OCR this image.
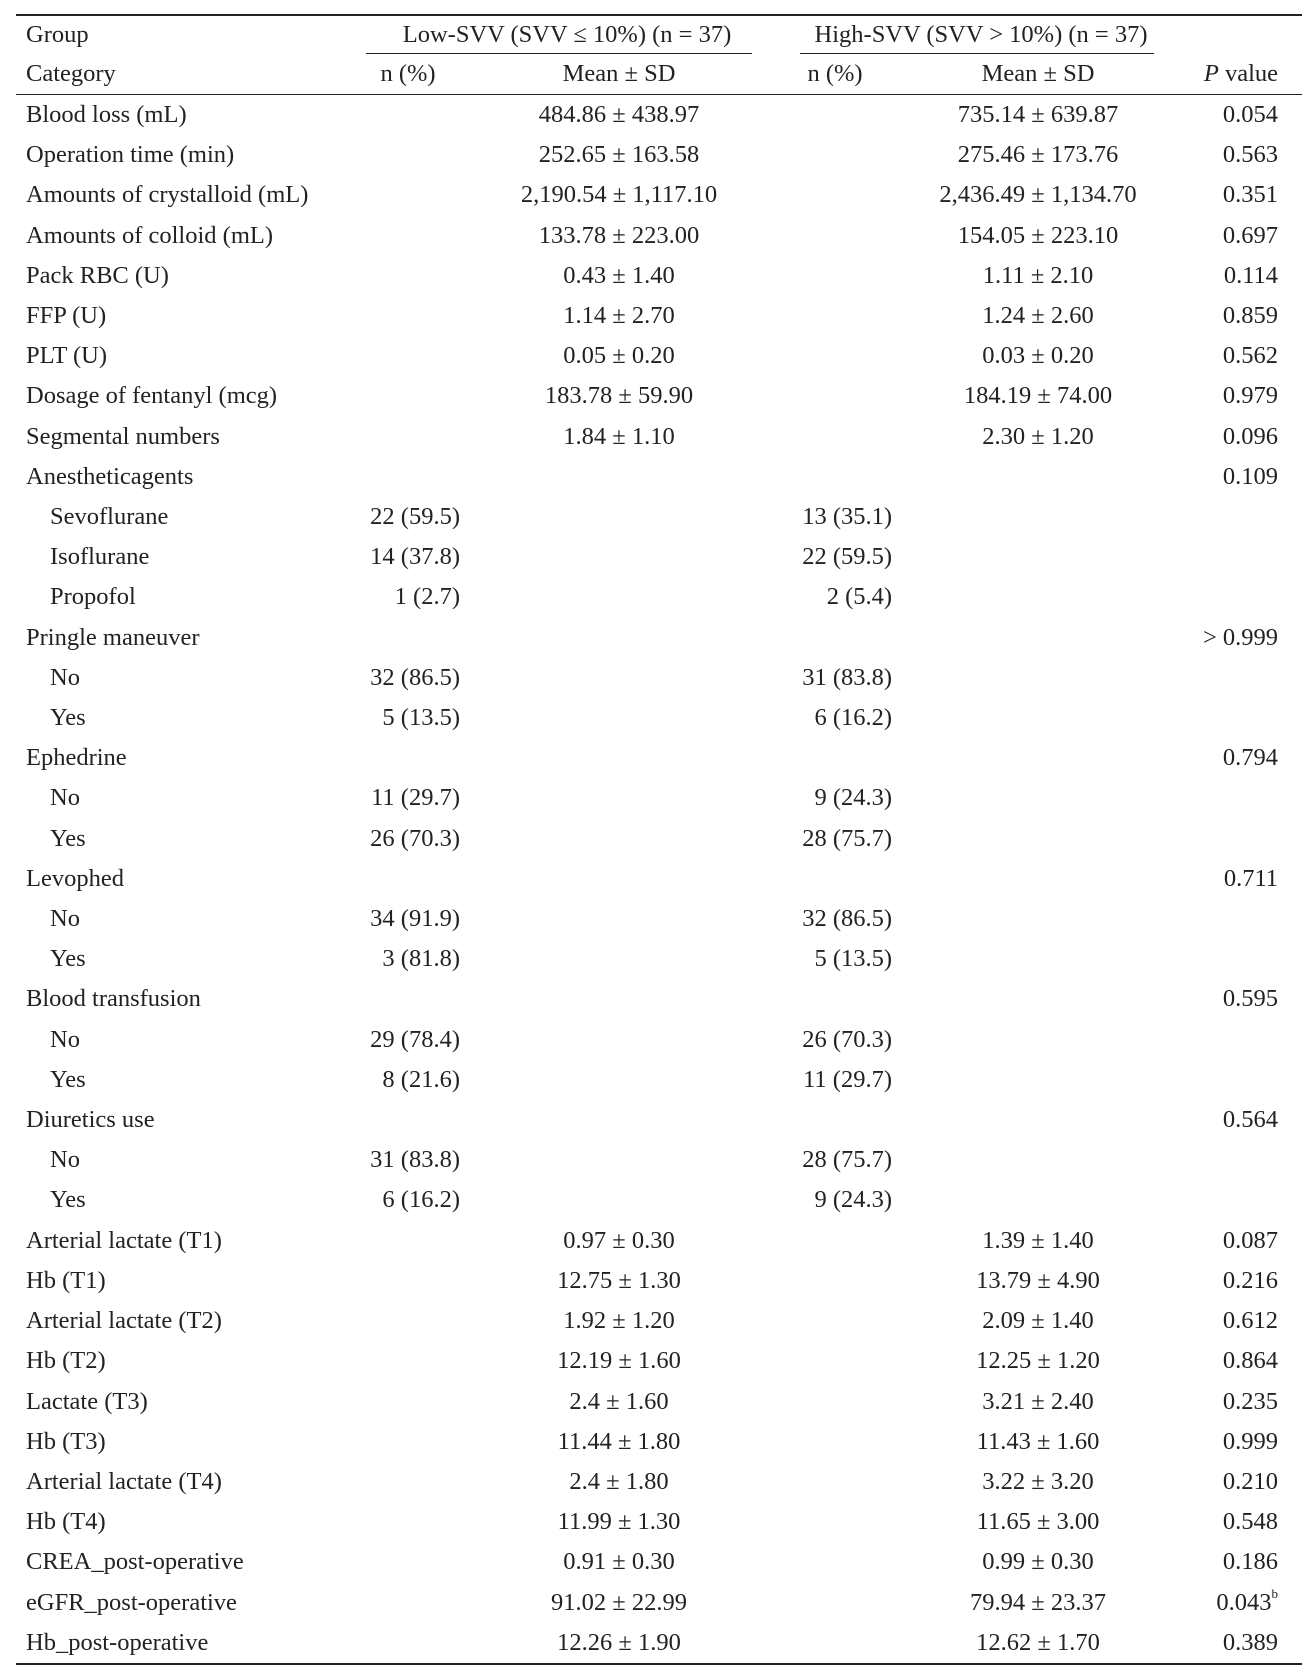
Group	Low-SVV (SVV ≤ 10%) (n = 37)		High-SVV (SVV > 10%) (n = 37)		
Category	n (%)	Mean ± SD	n (%)	Mean ± SD	P value
Blood loss (mL)		484.86 ± 438.97		735.14 ± 639.87	0.054
Operation time (min)		252.65 ± 163.58		275.46 ± 173.76	0.563
Amounts of crystalloid (mL)		2,190.54 ± 1,117.10		2,436.49 ± 1,134.70	0.351
Amounts of colloid (mL)		133.78 ± 223.00		154.05 ± 223.10	0.697
Pack RBC (U)		0.43 ± 1.40		1.11 ± 2.10	0.114
FFP (U)		1.14 ± 2.70		1.24 ± 2.60	0.859
PLT (U)		0.05 ± 0.20		0.03 ± 0.20	0.562
Dosage of fentanyl (mcg)		183.78 ± 59.90		184.19 ± 74.00	0.979
Segmental numbers		1.84 ± 1.10		2.30 ± 1.20	0.096
Anestheticagents					0.109
Sevoflurane	22 (59.5)		13 (35.1)		
Isoflurane	14 (37.8)		22 (59.5)		
Propofol	1 (2.7)		2 (5.4)		
Pringle maneuver					> 0.999
No	32 (86.5)		31 (83.8)		
Yes	5 (13.5)		6 (16.2)		
Ephedrine					0.794
No	11 (29.7)		9 (24.3)		
Yes	26 (70.3)		28 (75.7)		
Levophed					0.711
No	34 (91.9)		32 (86.5)		
Yes	3 (81.8)		5 (13.5)		
Blood transfusion					0.595
No	29 (78.4)		26 (70.3)		
Yes	8 (21.6)		11 (29.7)		
Diuretics use					0.564
No	31 (83.8)		28 (75.7)		
Yes	6 (16.2)		9 (24.3)		
Arterial lactate (T1)		0.97 ± 0.30		1.39 ± 1.40	0.087
Hb (T1)		12.75 ± 1.30		13.79 ± 4.90	0.216
Arterial lactate (T2)		1.92 ± 1.20		2.09 ± 1.40	0.612
Hb (T2)		12.19 ± 1.60		12.25 ± 1.20	0.864
Lactate (T3)		2.4 ± 1.60		3.21 ± 2.40	0.235
Hb (T3)		11.44 ± 1.80		11.43 ± 1.60	0.999
Arterial lactate (T4)		2.4 ± 1.80		3.22 ± 3.20	0.210
Hb (T4)		11.99 ± 1.30		11.65 ± 3.00	0.548
CREA_post-operative		0.91 ± 0.30		0.99 ± 0.30	0.186
eGFR_post-operative		91.02 ± 22.99		79.94 ± 23.37	0.043$^b$
Hb_post-operative		12.26 ± 1.90		12.62 ± 1.70	0.389
